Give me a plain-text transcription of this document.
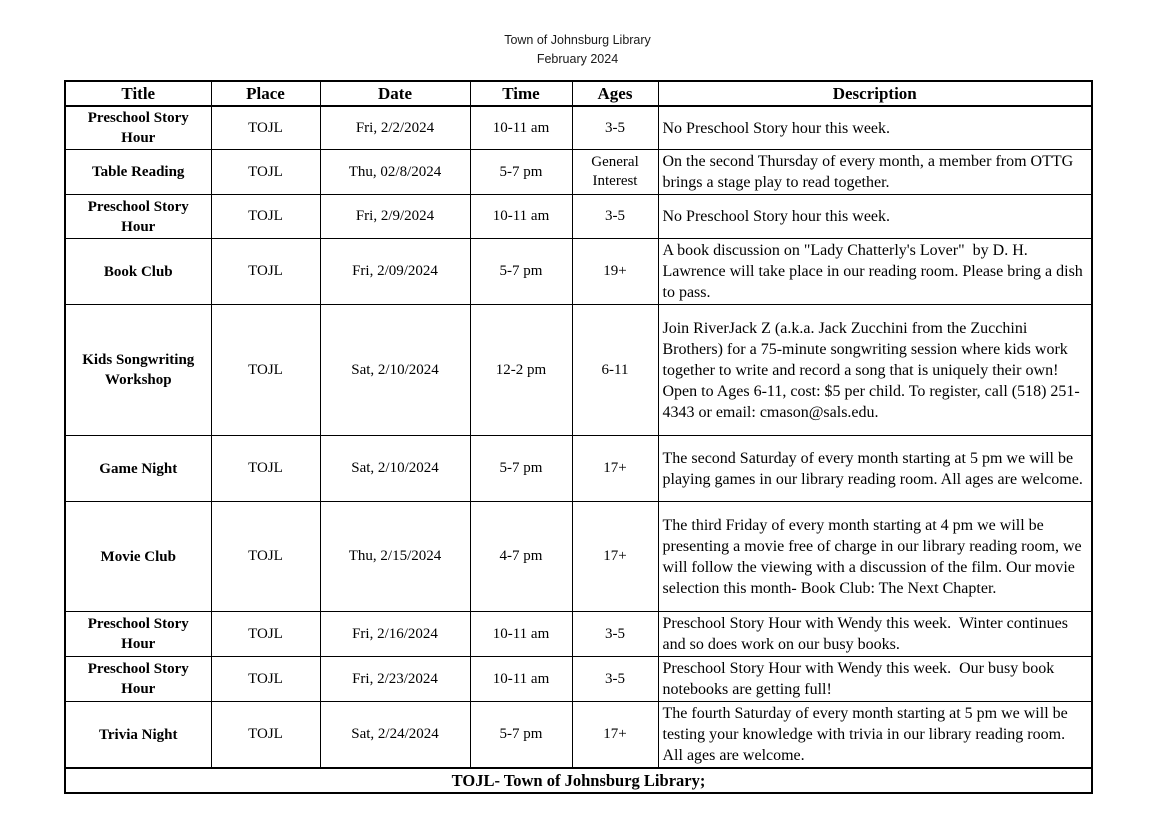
Town of Johnsburg Library
February 2024
Title	Place	Date	Time	Ages	Description
Preschool Story Hour	TOJL	Fri, 2/2/2024	10-11 am	3-5	No Preschool Story hour this week.
Table Reading	TOJL	Thu, 02/8/2024	5-7 pm	General Interest	On the second Thursday of every month, a member from OTTG brings a stage play to read together.
Preschool Story Hour	TOJL	Fri, 2/9/2024	10-11 am	3-5	No Preschool Story hour this week.
Book Club	TOJL	Fri, 2/09/2024	5-7 pm	19+	A book discussion on "Lady Chatterly's Lover"  by D. H. Lawrence will take place in our reading room. Please bring a dish to pass.
Kids Songwriting Workshop	TOJL	Sat, 2/10/2024	12-2 pm	6-11	Join RiverJack Z (a.k.a. Jack Zucchini from the Zucchini Brothers) for a 75-minute songwriting session where kids work together to write and record a song that is uniquely their own! Open to Ages 6-11, cost: $5 per child. To register, call (518) 251-4343 or email: cmason@sals.edu.
Game Night	TOJL	Sat, 2/10/2024	5-7 pm	17+	The second Saturday of every month starting at 5 pm we will be playing games in our library reading room. All ages are welcome.
Movie Club	TOJL	Thu, 2/15/2024	4-7 pm	17+	The third Friday of every month starting at 4 pm we will be presenting a movie free of charge in our library reading room, we will follow the viewing with a discussion of the film. Our movie selection this month- Book Club: The Next Chapter.
Preschool Story Hour	TOJL	Fri, 2/16/2024	10-11 am	3-5	Preschool Story Hour with Wendy this week.  Winter continues and so does work on our busy books.
Preschool Story Hour	TOJL	Fri, 2/23/2024	10-11 am	3-5	Preschool Story Hour with Wendy this week.  Our busy book notebooks are getting full!
Trivia Night	TOJL	Sat, 2/24/2024	5-7 pm	17+	The fourth Saturday of every month starting at 5 pm we will be testing your knowledge with trivia in our library reading room. All ages are welcome.
TOJL- Town of Johnsburg Library;					
